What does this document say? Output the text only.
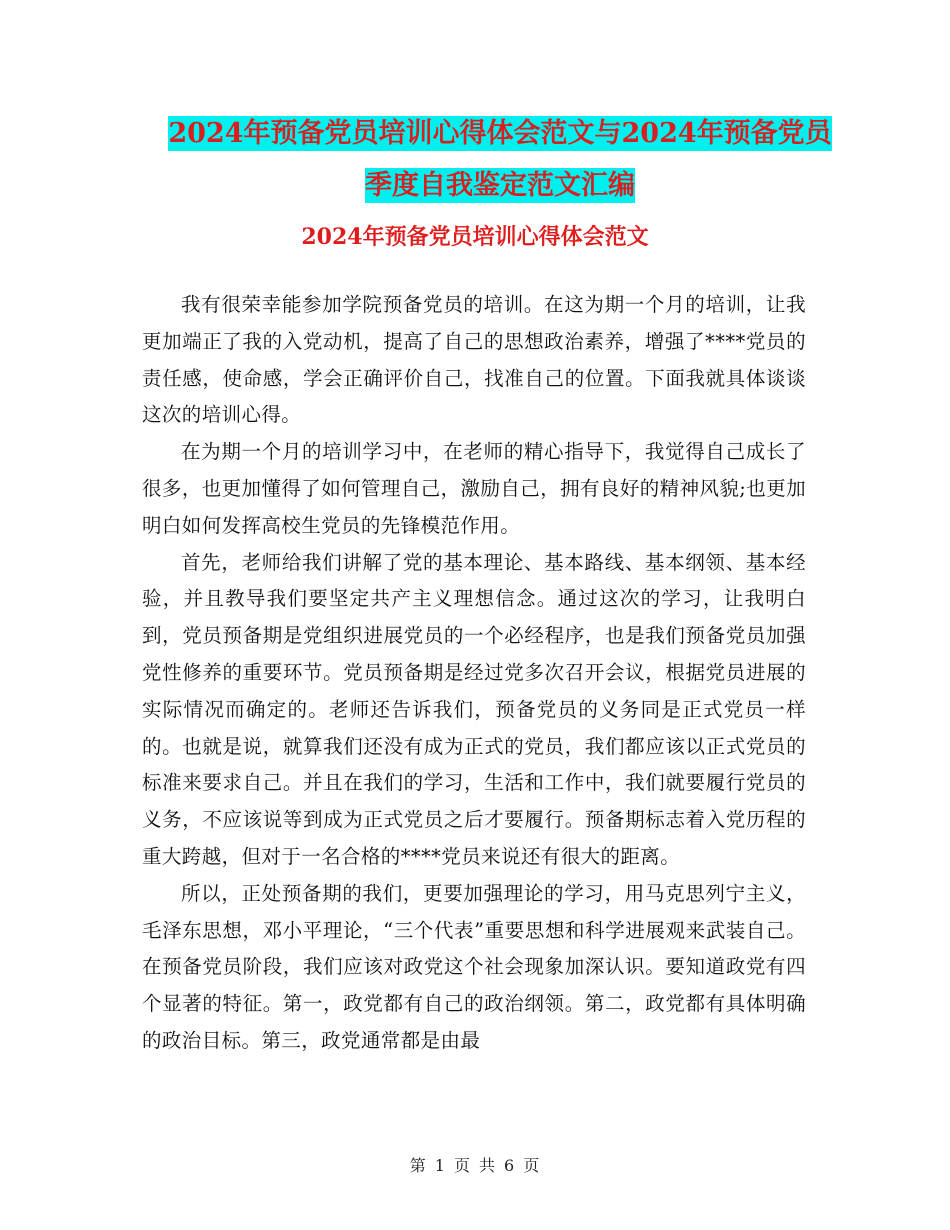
2024年预备党员培训心得体会范文与2024年预备党员
季度自我鉴定范文汇编
2024年预备党员培训心得体会范文

我有很荣幸能参加学院预备党员的培训。在这为期一个月的培训，让我更加端正了我的入党动机，提高了自己的思想政治素养，增强了****党员的责任感，使命感，学会正确评价自己，找准自己的位置。下面我就具体谈谈这次的培训心得。

在为期一个月的培训学习中，在老师的精心指导下，我觉得自己成长了很多，也更加懂得了如何管理自己，激励自己，拥有良好的精神风貌;也更加明白如何发挥高校生党员的先锋模范作用。

首先，老师给我们讲解了党的基本理论、基本路线、基本纲领、基本经验，并且教导我们要坚定共产主义理想信念。通过这次的学习，让我明白到，党员预备期是党组织进展党员的一个必经程序，也是我们预备党员加强党性修养的重要环节。党员预备期是经过党多次召开会议，根据党员进展的实际情况而确定的。老师还告诉我们，预备党员的义务同是正式党员一样的。也就是说，就算我们还没有成为正式的党员，我们都应该以正式党员的标准来要求自己。并且在我们的学习，生活和工作中，我们就要履行党员的义务，不应该说等到成为正式党员之后才要履行。预备期标志着入党历程的重大跨越，但对于一名合格的****党员来说还有很大的距离。

所以，正处预备期的我们，更要加强理论的学习，用马克思列宁主义，毛泽东思想，邓小平理论，“三个代表”重要思想和科学进展观来武装自己。在预备党员阶段，我们应该对政党这个社会现象加深认识。要知道政党有四个显著的特征。第一，政党都有自己的政治纲领。第二，政党都有具体明确的政治目标。第三，政党通常都是由最

第 1 页 共 6 页
